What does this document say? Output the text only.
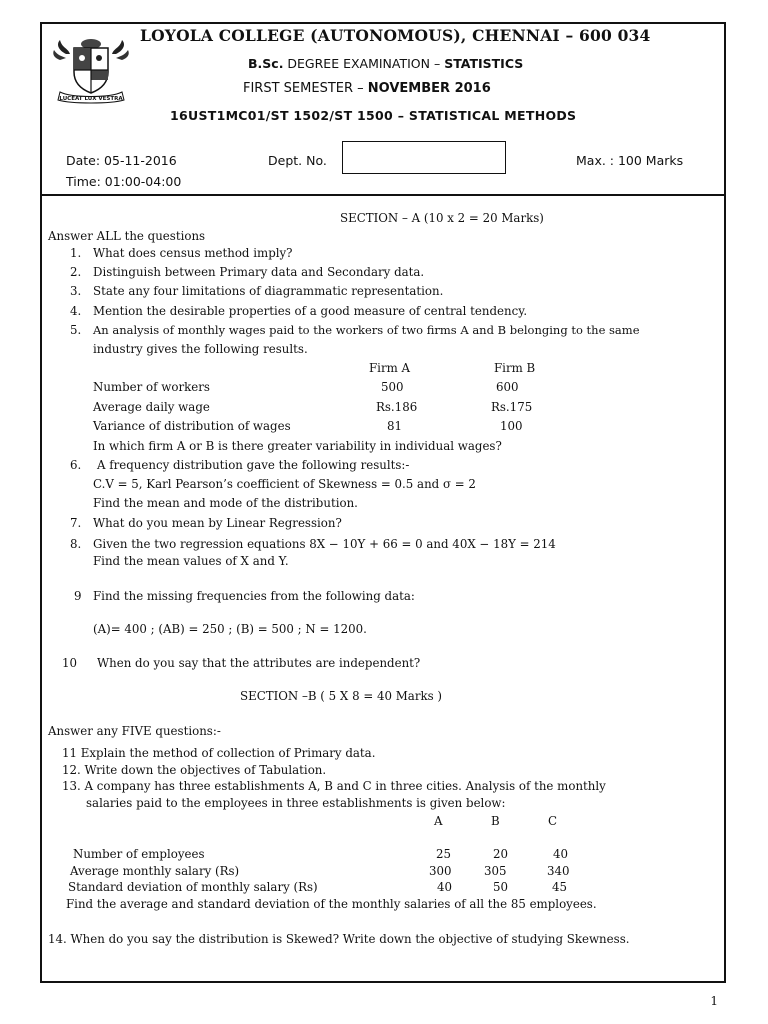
LUCEAT LUX VESTRA
LOYOLA COLLEGE (AUTONOMOUS), CHENNAI – 600 034
B.Sc. DEGREE EXAMINATION – STATISTICS
FIRST SEMESTER – NOVEMBER 2016
16UST1MC01/ST 1502/ST 1500 – STATISTICAL METHODS
Date: 05-11-2016
Time: 01:00-04:00
Dept. No.	Max. : 100 Marks
SECTION – A (10 x 2 = 20 Marks)
Answer ALL the questions
1. What does census method imply?
2. Distinguish between Primary data and Secondary data.
3. State any four limitations of diagrammatic representation.
4. Mention the desirable properties of a good measure of central tendency.
5. An analysis of monthly wages paid to the workers of two firms A and B belonging to the same
industry gives the following results.
Firm A	Firm B
Number of workers	500	600
Average daily wage	Rs.186	Rs.175
Variance of distribution of wages	81	100
In which firm A or B is there greater variability in individual wages?
6. A frequency distribution gave the following results:-
C.V = 5, Karl Pearson’s coefficient of Skewness = 0.5 and σ = 2
Find the mean and mode of the distribution.
7. What do you mean by Linear Regression?
8. Given the two regression equations 8X − 10Y + 66 = 0 and 40X − 18Y = 214
Find the mean values of X and Y.
9 Find the missing frequencies from the following data:
(A)= 400 ; (AB) = 250 ; (B) = 500 ; N = 1200.
10 When do you say that the attributes are independent?
SECTION –B ( 5 X 8 = 40 Marks )
Answer any FIVE questions:-
11 Explain the method of collection of Primary data.
12. Write down the objectives of Tabulation.
13. A company has three establishments A, B and C in three cities. Analysis of the monthly
salaries paid to the employees in three establishments is given below:
A	B	C
Number of employees	25	20	40
Average monthly salary (Rs)	300	305	340
Standard deviation of monthly salary (Rs)	40	50	45
Find the average and standard deviation of the monthly salaries of all the 85 employees.
14. When do you say the distribution is Skewed? Write down the objective of studying Skewness.
1
